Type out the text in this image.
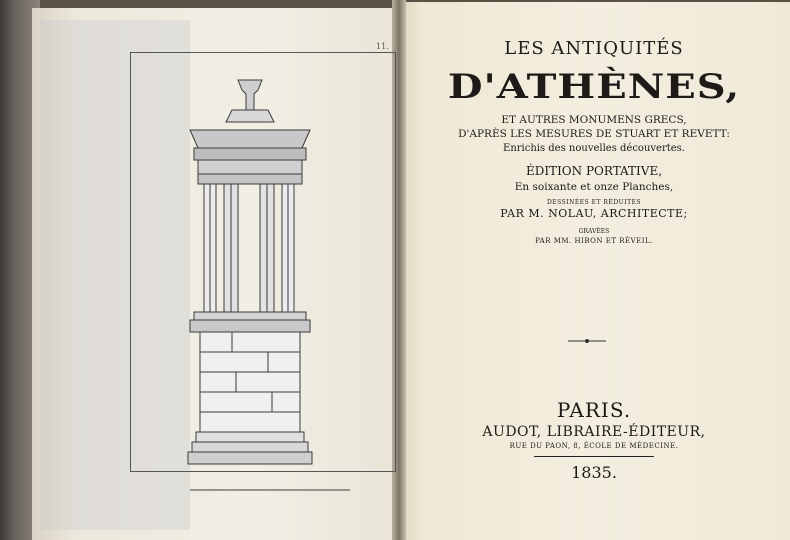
11.	LES ANTIQUITÉS
D'ATHÈNES,
ET AUTRES MONUMENS GRECS,
D'APRÈS LES MESURES DE STUART ET REVETT:
Enrichis des nouvelles découvertes.
ÉDITION PORTATIVE,
En soixante et onze Planches,
DESSINÉES ET RÉDUITES
PAR M. NOLAU, ARCHITECTE;
GRAVÉES
PAR MM. HIBON ET RÉVEIL.
PARIS.
AUDOT, LIBRAIRE-ÉDITEUR,
RUE DU PAON, 8, ÉCOLE DE MÉDECINE.
1835.
